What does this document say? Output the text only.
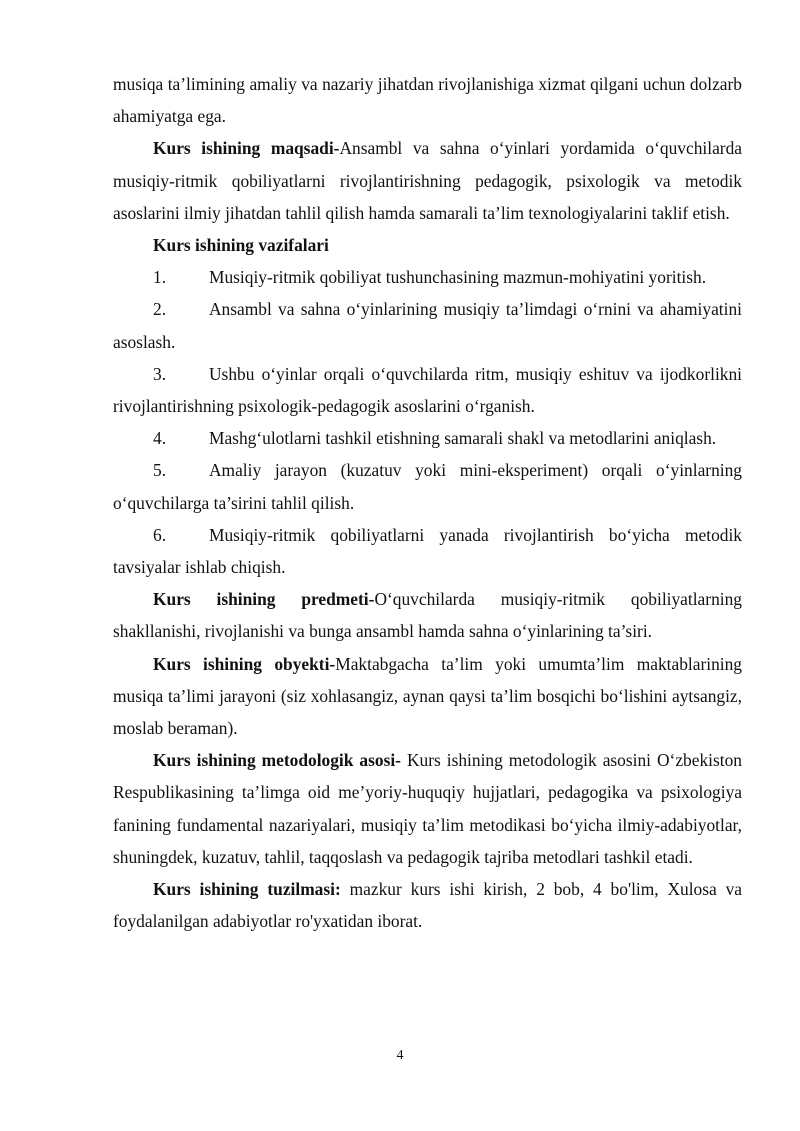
musiqa ta’limining amaliy va nazariy jihatdan rivojlanishiga xizmat qilgani uchun dolzarb ahamiyatga ega.

Kurs ishining maqsadi-Ansambl va sahna o‘yinlari yordamida o‘quvchilarda musiqiy-ritmik qobiliyatlarni rivojlantirishning pedagogik, psixologik va metodik asoslarini ilmiy jihatdan tahlil qilish hamda samarali ta’lim texnologiyalarini taklif etish.

Kurs ishining vazifalari

1. Musiqiy-ritmik qobiliyat tushunchasining mazmun-mohiyatini yoritish.

2. Ansambl va sahna o‘yinlarining musiqiy ta’limdagi o‘rnini va ahamiyatini asoslash.

3. Ushbu o‘yinlar orqali o‘quvchilarda ritm, musiqiy eshituv va ijodkorlikni rivojlantirishning psixologik-pedagogik asoslarini o‘rganish.

4. Mashg‘ulotlarni tashkil etishning samarali shakl va metodlarini aniqlash.

5. Amaliy jarayon (kuzatuv yoki mini-eksperiment) orqali o‘yinlarning o‘quvchilarga ta’sirini tahlil qilish.

6. Musiqiy-ritmik qobiliyatlarni yanada rivojlantirish bo‘yicha metodik tavsiyalar ishlab chiqish.

Kurs ishining predmeti-O‘quvchilarda musiqiy-ritmik qobiliyatlarning shakllanishi, rivojlanishi va bunga ansambl hamda sahna o‘yinlarining ta’siri.

Kurs ishining obyekti-Maktabgacha ta’lim yoki umumta’lim maktablarining musiqa ta’limi jarayoni (siz xohlasangiz, aynan qaysi ta’lim bosqichi bo‘lishini aytsangiz, moslab beraman).

Kurs ishining metodologik asosi- Kurs ishining metodologik asosini O‘zbekiston Respublikasining ta’limga oid me’yoriy-huquqiy hujjatlari, pedagogika va psixologiya fanining fundamental nazariyalari, musiqiy ta’lim metodikasi bo‘yicha ilmiy-adabiyotlar, shuningdek, kuzatuv, tahlil, taqqoslash va pedagogik tajriba metodlari tashkil etadi.

Kurs ishining tuzilmasi: mazkur kurs ishi kirish, 2 bob, 4 bo'lim, Xulosa va foydalanilgan adabiyotlar ro'yxatidan iborat.

4
